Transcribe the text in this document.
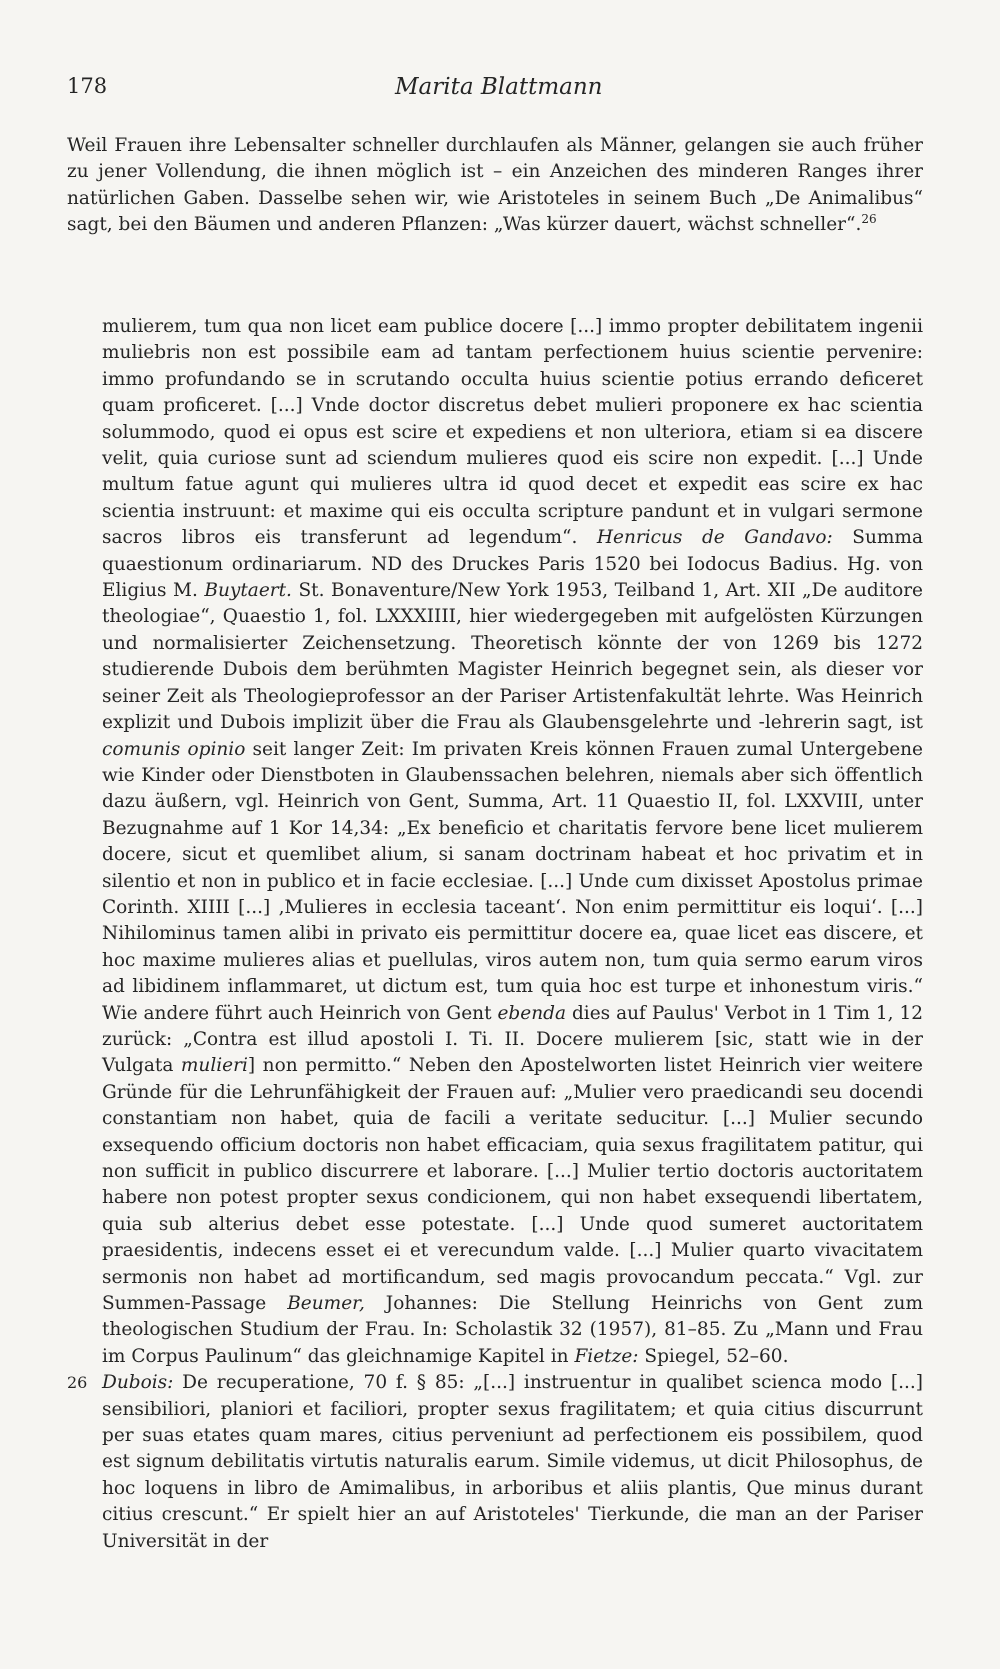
178	Marita Blattmann

Weil Frauen ihre Lebensalter schneller durchlaufen als Männer, gelangen sie auch früher zu jener Vollendung, die ihnen möglich ist – ein Anzeichen des minderen Ranges ihrer natürlichen Gaben. Dasselbe sehen wir, wie Aristoteles in seinem Buch „De Animalibus“ sagt, bei den Bäumen und anderen Pflanzen: „Was kürzer dauert, wächst schneller“.$^{26}$

mulierem, tum qua non licet eam publice docere [...] immo propter debilitatem ingenii muliebris non est possibile eam ad tantam perfectionem huius scientie pervenire: immo profundando se in scrutando occulta huius scientie potius errando deficeret quam proficeret. [...] Vnde doctor discretus debet mulieri proponere ex hac scientia solummodo, quod ei opus est scire et expediens et non ulteriora, etiam si ea discere velit, quia curiose sunt ad sciendum mulieres quod eis scire non expedit. [...] Unde multum fatue agunt qui mulieres ultra id quod decet et expedit eas scire ex hac scientia instruunt: et maxime qui eis occulta scripture pandunt et in vulgari sermone sacros libros eis transferunt ad legendum“. Henricus de Gandavo: Summa quaestionum ordinariarum. ND des Druckes Paris 1520 bei Iodocus Badius. Hg. von Eligius M. Buytaert. St. Bonaventure/New York 1953, Teilband 1, Art. XII „De auditore theologiae“, Quaestio 1, fol. LXXXIIII, hier wiedergegeben mit aufgelösten Kürzungen und normalisierter Zeichensetzung. Theoretisch könnte der von 1269 bis 1272 studierende Dubois dem berühmten Magister Heinrich begegnet sein, als dieser vor seiner Zeit als Theologieprofessor an der Pariser Artistenfakultät lehrte. Was Heinrich explizit und Dubois implizit über die Frau als Glaubensgelehrte und -lehrerin sagt, ist comunis opinio seit langer Zeit: Im privaten Kreis können Frauen zumal Untergebene wie Kinder oder Dienstboten in Glaubenssachen belehren, niemals aber sich öffentlich dazu äußern, vgl. Heinrich von Gent, Summa, Art. 11 Quaestio II, fol. LXXVIII, unter Bezugnahme auf 1 Kor 14,34: „Ex beneficio et charitatis fervore bene licet mulierem docere, sicut et quemlibet alium, si sanam doctrinam habeat et hoc privatim et in silentio et non in publico et in facie ecclesiae. [...] Unde cum dixisset Apostolus primae Corinth. XIIII [...] ‚Mulieres in ecclesia taceant‘. Non enim permittitur eis loqui‘. [...] Nihilominus tamen alibi in privato eis permittitur docere ea, quae licet eas discere, et hoc maxime mulieres alias et puellulas, viros autem non, tum quia sermo earum viros ad libidinem inflammaret, ut dictum est, tum quia hoc est turpe et inhonestum viris.“ Wie andere führt auch Heinrich von Gent ebenda dies auf Paulus' Verbot in 1 Tim 1, 12 zurück: „Contra est illud apostoli I. Ti. II. Docere mulierem [sic, statt wie in der Vulgata mulieri] non permitto.“ Neben den Apostelworten listet Heinrich vier weitere Gründe für die Lehrunfähigkeit der Frauen auf: „Mulier vero praedicandi seu docendi constantiam non habet, quia de facili a veritate seducitur. [...] Mulier secundo exsequendo officium doctoris non habet efficaciam, quia sexus fragilitatem patitur, qui non sufficit in publico discurrere et laborare. [...] Mulier tertio doctoris auctoritatem habere non potest propter sexus condicionem, qui non habet exsequendi libertatem, quia sub alterius debet esse potestate. [...] Unde quod sumeret auctoritatem praesidentis, indecens esset ei et verecundum valde. [...] Mulier quarto vivacitatem sermonis non habet ad mortificandum, sed magis provocandum peccata.“ Vgl. zur Summen-Passage Beumer, Johannes: Die Stellung Heinrichs von Gent zum theologischen Studium der Frau. In: Scholastik 32 (1957), 81–85. Zu „Mann und Frau im Corpus Paulinum“ das gleichnamige Kapitel in Fietze: Spiegel, 52–60.

26 Dubois: De recuperatione, 70 f. § 85: „[...] instruentur in qualibet scienca modo [...] sensibiliori, planiori et faciliori, propter sexus fragilitatem; et quia citius discurrunt per suas etates quam mares, citius perveniunt ad perfectionem eis possibilem, quod est signum debilitatis virtutis naturalis earum. Simile videmus, ut dicit Philosophus, de hoc loquens in libro de Amimalibus, in arboribus et aliis plantis, Que minus durant citius crescunt.“ Er spielt hier an auf Aristoteles' Tierkunde, die man an der Pariser Universität in der
